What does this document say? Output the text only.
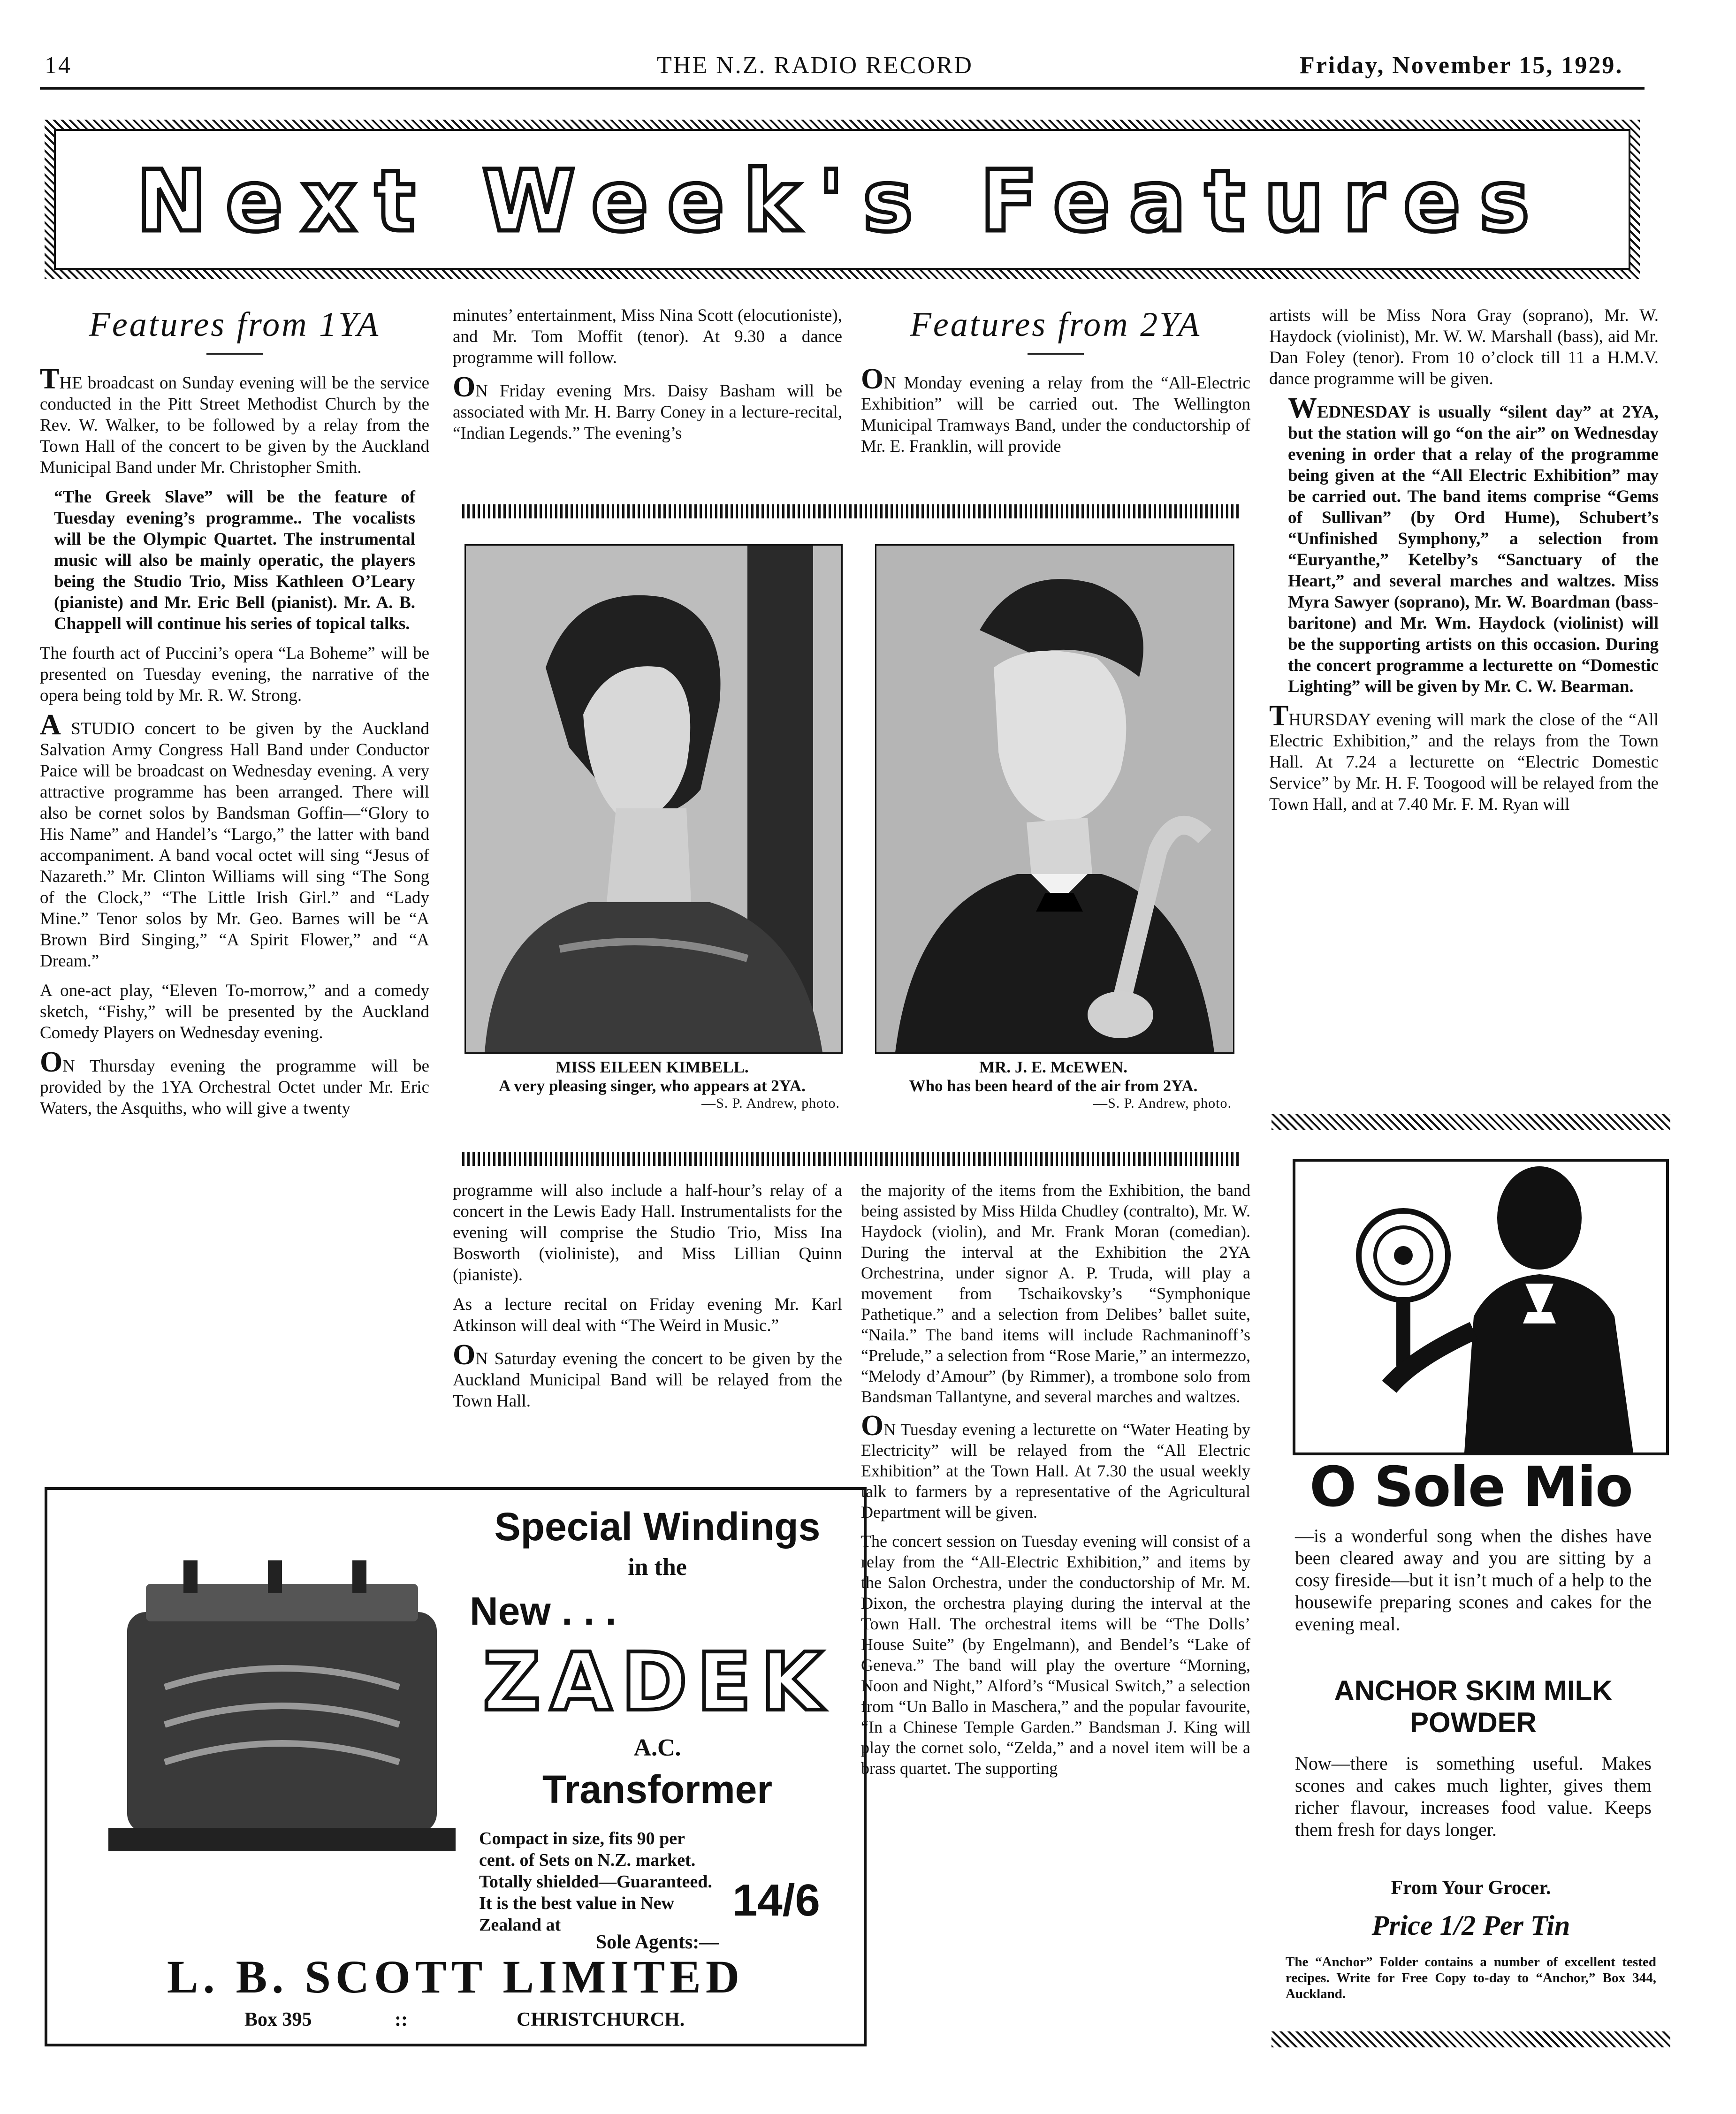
14	THE N.Z. RADIO RECORD	Friday, November 15, 1929.
Next Week's Features
Features from 1YA

THE broadcast on Sunday evening will be the service conducted in the Pitt Street Methodist Church by the Rev. W. Walker, to be followed by a relay from the Town Hall of the concert to be given by the Auckland Municipal Band under Mr. Christopher Smith.

“The Greek Slave” will be the feature of Tuesday evening’s programme.. The vocalists will be the Olympic Quartet. The instrumental music will also be mainly operatic, the players being the Studio Trio, Miss Kathleen O’Leary (pianiste) and Mr. Eric Bell (pianist). Mr. A. B. Chappell will continue his series of topical talks.

The fourth act of Puccini’s opera “La Boheme” will be presented on Tuesday evening, the narrative of the opera being told by Mr. R. W. Strong.

A STUDIO concert to be given by the Auckland Salvation Army Congress Hall Band under Conductor Paice will be broadcast on Wednesday evening. A very attractive programme has been arranged. There will also be cornet solos by Bandsman Goffin—“Glory to His Name” and Handel’s “Largo,” the latter with band accompaniment. A band vocal octet will sing “Jesus of Nazareth.” Mr. Clinton Williams will sing “The Song of the Clock,” “The Little Irish Girl.” and “Lady Mine.” Tenor solos by Mr. Geo. Barnes will be “A Brown Bird Singing,” “A Spirit Flower,” and “A Dream.”

A one-act play, “Eleven To-morrow,” and a comedy sketch, “Fishy,” will be presented by the Auckland Comedy Players on Wednesday evening.

ON Thursday evening the programme will be provided by the 1YA Orchestral Octet under Mr. Eric Waters, the Asquiths, who will give a twenty

minutes’ entertainment, Miss Nina Scott (elocutioniste), and Mr. Tom Moffit (tenor). At 9.30 a dance programme will follow.

ON Friday evening Mrs. Daisy Basham will be associated with Mr. H. Barry Coney in a lecture-recital, “Indian Legends.” The evening’s

Features from 2YA

ON Monday evening a relay from the “All-Electric Exhibition” will be carried out. The Wellington Municipal Tramways Band, under the conductorship of Mr. E. Franklin, will provide

MISS EILEEN KIMBELL.
A very pleasing singer, who appears at 2YA.
—S. P. Andrew, photo.
MR. J. E. McEWEN.
Who has been heard of the air from 2YA.
—S. P. Andrew, photo.

programme will also include a half-hour’s relay of a concert in the Lewis Eady Hall. Instrumentalists for the evening will comprise the Studio Trio, Miss Ina Bosworth (violiniste), and Miss Lillian Quinn (pianiste).

As a lecture recital on Friday evening Mr. Karl Atkinson will deal with “The Weird in Music.”

ON Saturday evening the concert to be given by the Auckland Municipal Band will be relayed from the Town Hall.

the majority of the items from the Exhibition, the band being assisted by Miss Hilda Chudley (contralto), Mr. W. Haydock (violin), and Mr. Frank Moran (comedian). During the interval at the Exhibition the 2YA Orchestrina, under signor A. P. Truda, will play a movement from Tschaikovsky’s “Symphonique Pathetique.” and a selection from Delibes’ ballet suite, “Naila.” The band items will include Rachmaninoff’s “Prelude,” a selection from “Rose Marie,” an intermezzo, “Melody d’Amour” (by Rimmer), a trombone solo from Bandsman Tallantyne, and several marches and waltzes.

ON Tuesday evening a lecturette on “Water Heating by Electricity” will be relayed from the “All Electric Exhibition” at the Town Hall. At 7.30 the usual weekly talk to farmers by a representative of the Agricultural Department will be given.

The concert session on Tuesday evening will consist of a relay from the “All-Electric Exhibition,” and items by the Salon Orchestra, under the conductorship of Mr. M. Dixon, the orchestra playing during the interval at the Town Hall. The orchestral items will be “The Dolls’ House Suite” (by Engelmann), and Bendel’s “Lake of Geneva.” The band will play the overture “Morning, Noon and Night,” Alford’s “Musical Switch,” a selection from “Un Ballo in Maschera,” and the popular favourite, “In a Chinese Temple Garden.” Bandsman J. King will play the cornet solo, “Zelda,” and a novel item will be a brass quartet. The supporting

artists will be Miss Nora Gray (soprano), Mr. W. Haydock (violinist), Mr. W. W. Marshall (bass), aid Mr. Dan Foley (tenor). From 10 o’clock till 11 a H.M.V. dance programme will be given.

WEDNESDAY is usually “silent day” at 2YA, but the station will go “on the air” on Wednesday evening in order that a relay of the programme being given at the “All Electric Exhibition” may be carried out. The band items comprise “Gems of Sullivan” (by Ord Hume), Schubert’s “Unfinished Symphony,” a selection from “Euryanthe,” Ketelby’s “Sanctuary of the Heart,” and several marches and waltzes. Miss Myra Sawyer (soprano), Mr. W. Boardman (bass-baritone) and Mr. Wm. Haydock (violinist) will be the supporting artists on this occasion. During the concert programme a lecturette on “Domestic Lighting” will be given by Mr. C. W. Bearman.

THURSDAY evening will mark the close of the “All Electric Exhibition,” and the relays from the Town Hall. At 7.24 a lecturette on “Electric Domestic Service” by Mr. H. F. Toogood will be relayed from the Town Hall, and at 7.40 Mr. F. M. Ryan will

Special Windings
in the
New . . .
ZADEK
A.C.
Transformer
Compact in size, fits 90 per cent. of Sets on N.Z. market. Totally shielded—Guaranteed. It is the best value in New Zealand at	14/6
Sole Agents:—
L. B. SCOTT LIMITED
Box 395	::	CHRISTCHURCH.
O Sole Mio
—is a wonderful song when the dishes have been cleared away and you are sitting by a cosy fireside—but it isn’t much of a help to the housewife preparing scones and cakes for the evening meal.
ANCHOR SKIM MILK POWDER
Now—there is something useful. Makes scones and cakes much lighter, gives them richer flavour, increases food value. Keeps them fresh for days longer.
From Your Grocer.
Price 1/2 Per Tin
The “Anchor” Folder contains a number of excellent tested recipes. Write for Free Copy to-day to “Anchor,” Box 344, Auckland.
